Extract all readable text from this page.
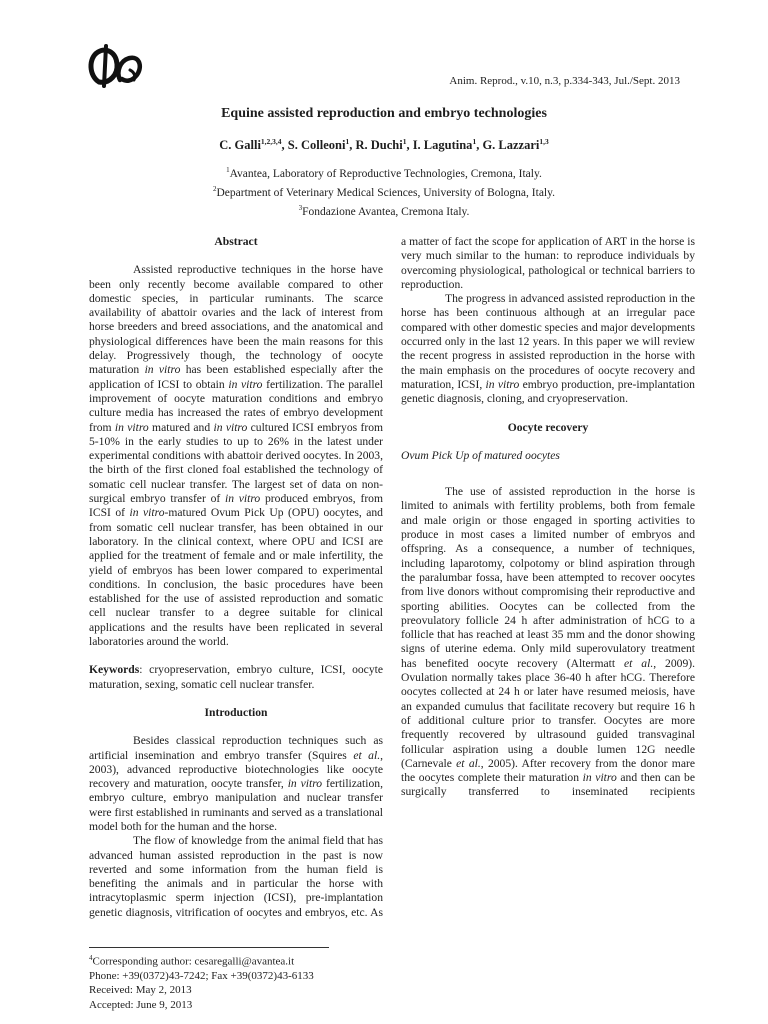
Anim. Reprod., v.10, n.3, p.334-343, Jul./Sept. 2013
Equine assisted reproduction and embryo technologies
C. Galli$^{1,2,3,4}$, S. Colleoni$^1$, R. Duchi$^1$, I. Lagutina$^1$, G. Lazzari$^{1,3}$
$^1$Avantea, Laboratory of Reproductive Technologies, Cremona, Italy.
$^2$Department of Veterinary Medical Sciences, University of Bologna, Italy.
$^3$Fondazione Avantea, Cremona Italy.
Abstract

Assisted reproductive techniques in the horse have been only recently become available compared to other domestic species, in particular ruminants. The scarce availability of abattoir ovaries and the lack of interest from horse breeders and breed associations, and the anatomical and physiological differences have been the main reasons for this delay. Progressively though, the technology of oocyte maturation in vitro has been established especially after the application of ICSI to obtain in vitro fertilization. The parallel improvement of oocyte maturation conditions and embryo culture media has increased the rates of embryo development from in vitro matured and in vitro cultured ICSI embryos from 5-10% in the early studies to up to 26% in the latest under experimental conditions with abattoir derived oocytes. In 2003, the birth of the first cloned foal established the technology of somatic cell nuclear transfer. The largest set of data on non-surgical embryo transfer of in vitro produced embryos, from ICSI of in vitro-matured Ovum Pick Up (OPU) oocytes, and from somatic cell nuclear transfer, has been obtained in our laboratory. In the clinical context, where OPU and ICSI are applied for the treatment of female and or male infertility, the yield of embryos has been lower compared to experimental conditions. In conclusion, the basic procedures have been established for the use of assisted reproduction and somatic cell nuclear transfer to a degree suitable for clinical applications and the results have been replicated in several laboratories around the world.

Keywords: cryopreservation, embryo culture, ICSI, oocyte maturation, sexing, somatic cell nuclear transfer.

Introduction

Besides classical reproduction techniques such as artificial insemination and embryo transfer (Squires et al., 2003), advanced reproductive biotechnologies like oocyte recovery and maturation, oocyte transfer, in vitro fertilization, embryo culture, embryo manipulation and nuclear transfer were first established in ruminants and served as a translational model both for the human and the horse.

The flow of knowledge from the animal field that has advanced human assisted reproduction in the past is now reverted and some information from the human field is benefiting the animals and in particular the horse with intracytoplasmic sperm injection (ICSI), pre-implantation genetic diagnosis, vitrification of oocytes and embryos, etc. As

a matter of fact the scope for application of ART in the horse is very much similar to the human: to reproduce individuals by overcoming physiological, pathological or technical barriers to reproduction.

The progress in advanced assisted reproduction in the horse has been continuous although at an irregular pace compared with other domestic species and major developments occurred only in the last 12 years. In this paper we will review the recent progress in assisted reproduction in the horse with the main emphasis on the procedures of oocyte recovery and maturation, ICSI, in vitro embryo production, pre-implantation genetic diagnosis, cloning, and cryopreservation.

Oocyte recovery

Ovum Pick Up of matured oocytes

The use of assisted reproduction in the horse is limited to animals with fertility problems, both from female and male origin or those engaged in sporting activities to produce in most cases a limited number of embryos and offspring. As a consequence, a number of techniques, including laparotomy, colpotomy or blind aspiration through the paralumbar fossa, have been attempted to recover oocytes from live donors without compromising their reproductive and sporting abilities. Oocytes can be collected from the preovulatory follicle 24 h after administration of hCG to a follicle that has reached at least 35 mm and the donor showing signs of uterine edema. Only mild superovulatory treatment has benefited oocyte recovery (Altermatt et al., 2009). Ovulation normally takes place 36-40 h after hCG. Therefore oocytes collected at 24 h or later have resumed meiosis, have an expanded cumulus that facilitate recovery but require 16 h of additional culture prior to transfer. Oocytes are more frequently recovered by ultrasound guided transvaginal follicular aspiration using a double lumen 12G needle (Carnevale et al., 2005). After recovery from the donor mare the oocytes complete their maturation in vitro and then can be surgically transferred to inseminated recipients

$^4$Corresponding author: cesaregalli@avantea.it
Phone: +39(0372)43-7242; Fax +39(0372)43-6133
Received: May 2, 2013
Accepted: June 9, 2013
